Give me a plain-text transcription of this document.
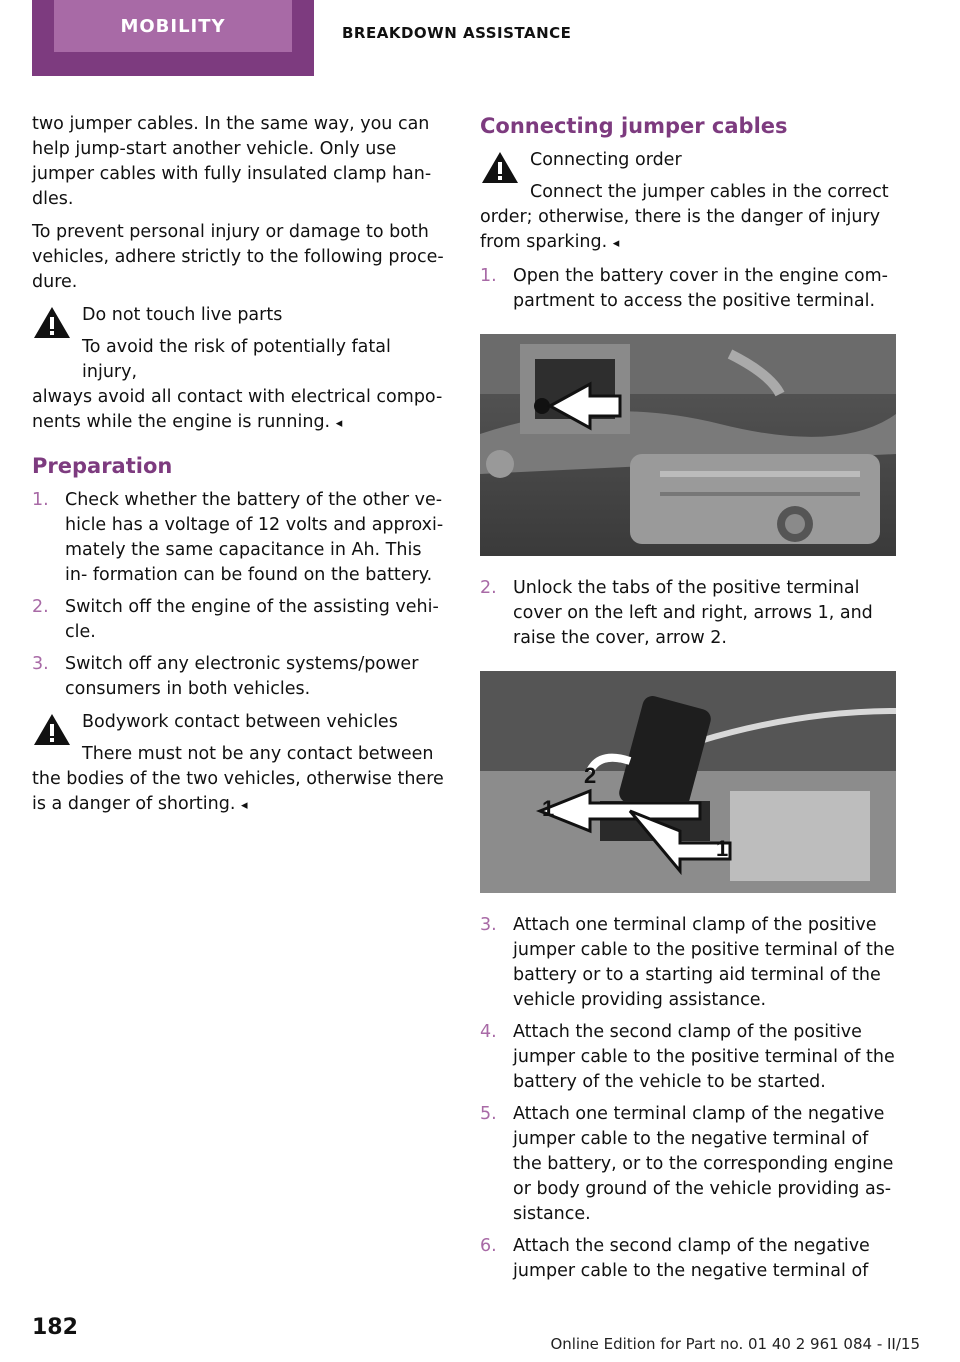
MOBILITY	BREAKDOWN ASSISTANCE

two jumper cables. In the same way, you can help jump-start another vehicle. Only use jumper cables with fully insulated clamp han- dles.

To prevent personal injury or damage to both vehicles, adhere strictly to the following proce- dure.

Do not touch live parts
To avoid the risk of potentially fatal injury,
always avoid all contact with electrical compo- nents while the engine is running. ◂
Preparation
1. Check whether the battery of the other ve- hicle has a voltage of 12 volts and approxi- mately the same capacitance in Ah. This in- formation can be found on the battery.
2. Switch off the engine of the assisting vehi- cle.
3. Switch off any electronic systems/power consumers in both vehicles.
Bodywork contact between vehicles
There must not be any contact between
the bodies of the two vehicles, otherwise there is a danger of shorting. ◂
Connecting jumper cables
Connecting order
Connect the jumper cables in the correct
order; otherwise, there is the danger of injury from sparking. ◂
1. Open the battery cover in the engine com- partment to access the positive terminal.
2. Unlock the tabs of the positive terminal cover on the left and right, arrows 1, and raise the cover, arrow 2.
1
2
1
3. Attach one terminal clamp of the positive jumper cable to the positive terminal of the battery or to a starting aid terminal of the vehicle providing assistance.
4. Attach the second clamp of the positive jumper cable to the positive terminal of the battery of the vehicle to be started.
5. Attach one terminal clamp of the negative jumper cable to the negative terminal of the battery, or to the corresponding engine or body ground of the vehicle providing as- sistance.
6. Attach the second clamp of the negative jumper cable to the negative terminal of
182
Online Edition for Part no. 01 40 2 961 084 - II/15
